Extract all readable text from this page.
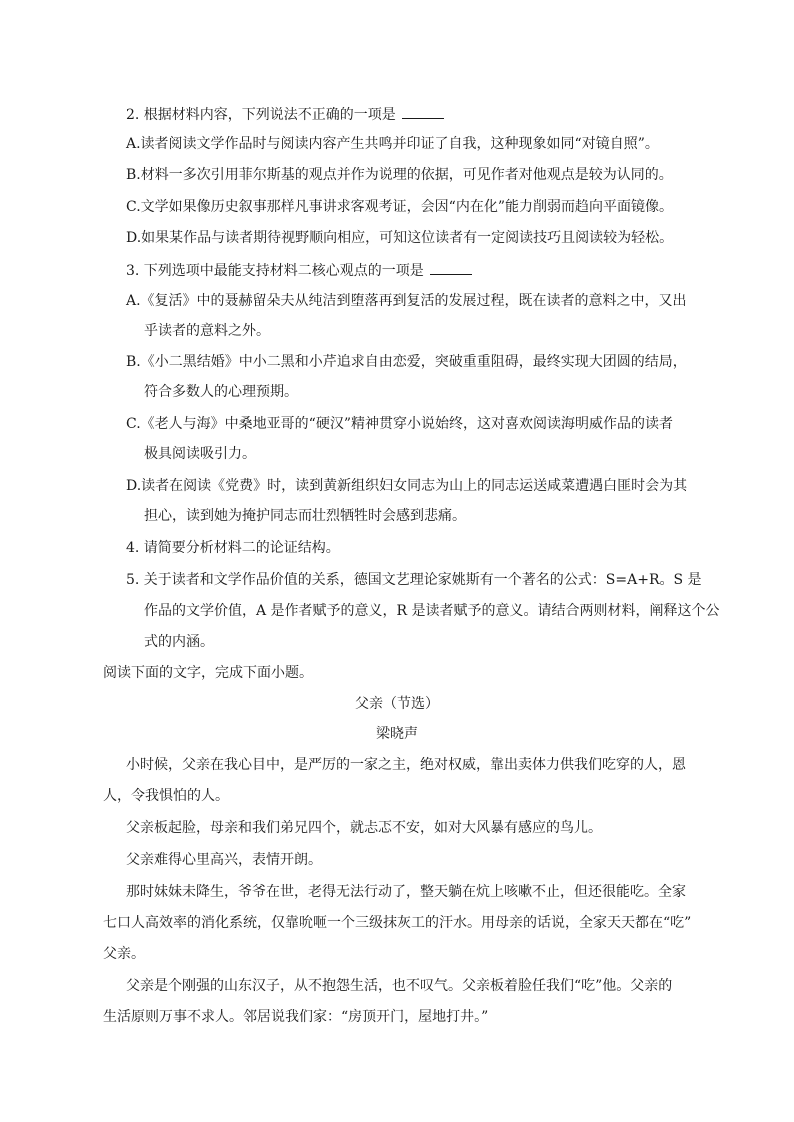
2. 根据材料内容，下列说法不正确的一项是
A.读者阅读文学作品时与阅读内容产生共鸣并印证了自我，这种现象如同“对镜自照”。
B.材料一多次引用菲尔斯基的观点并作为说理的依据，可见作者对他观点是较为认同的。
C.文学如果像历史叙事那样凡事讲求客观考证，会因“内在化”能力削弱而趋向平面镜像。
D.如果某作品与读者期待视野顺向相应，可知这位读者有一定阅读技巧且阅读较为轻松。
3. 下列选项中最能支持材料二核心观点的一项是
A.《复活》中的聂赫留朵夫从纯洁到堕落再到复活的发展过程，既在读者的意料之中，又出
乎读者的意料之外。
B.《小二黑结婚》中小二黑和小芹追求自由恋爱，突破重重阻碍，最终实现大团圆的结局，
符合多数人的心理预期。
C.《老人与海》中桑地亚哥的“硬汉”精神贯穿小说始终，这对喜欢阅读海明威作品的读者
极具阅读吸引力。
D.读者在阅读《党费》时，读到黄新组织妇女同志为山上的同志运送咸菜遭遇白匪时会为其
担心，读到她为掩护同志而壮烈牺牲时会感到悲痛。
4. 请简要分析材料二的论证结构。
5. 关于读者和文学作品价值的关系，德国文艺理论家姚斯有一个著名的公式：S=A+R。S 是
作品的文学价值，A 是作者赋予的意义，R 是读者赋予的意义。请结合两则材料，阐释这个公
式的内涵。
阅读下面的文字，完成下面小题。
父亲（节选）
梁晓声
小时候，父亲在我心目中，是严厉的一家之主，绝对权威，靠出卖体力供我们吃穿的人，恩
人，令我惧怕的人。
父亲板起脸，母亲和我们弟兄四个，就忐忑不安，如对大风暴有感应的鸟儿。
父亲难得心里高兴，表情开朗。
那时妹妹未降生，爷爷在世，老得无法行动了，整天躺在炕上咳嗽不止，但还很能吃。全家
七口人高效率的消化系统，仅靠吮咂一个三级抹灰工的汗水。用母亲的话说，全家天天都在“吃”
父亲。
父亲是个刚强的山东汉子，从不抱怨生活，也不叹气。父亲板着脸任我们“吃”他。父亲的
生活原则万事不求人。邻居说我们家：“房顶开门，屋地打井。”
